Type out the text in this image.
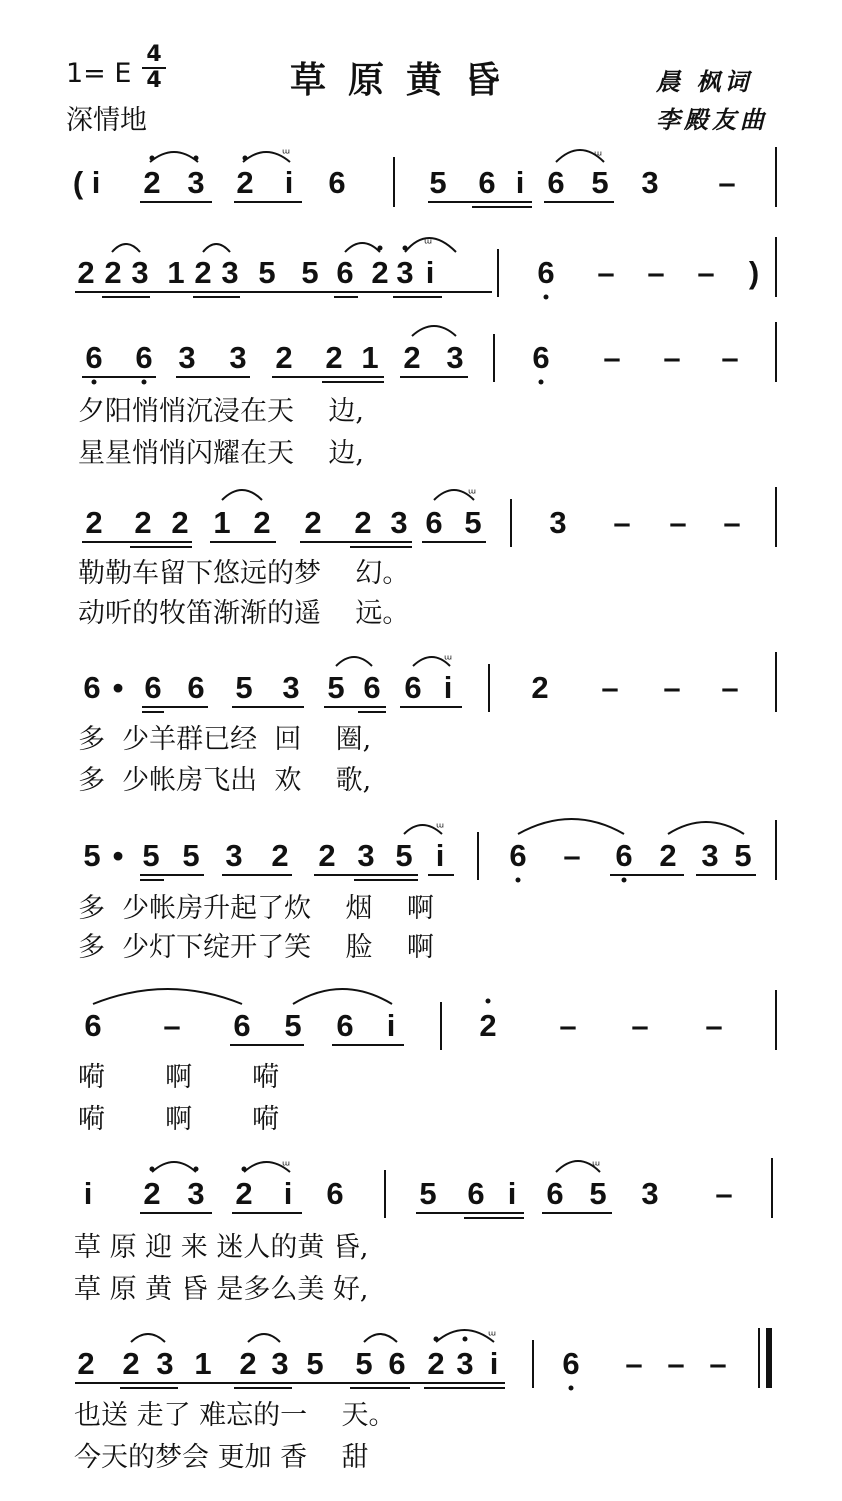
1= E
4
4	草原黄昏
深情地
晨 枫词
李殿友曲
( i 2 3 2 i 6	5 6 i 6 5 3 –
2 2 3 1 2 3 5 5 6 2 3 i	6 – – – )
6 6 3 3 2 2 1 2 3 6 – – –
夕阳悄悄沉浸在天    边,
星星悄悄闪耀在天    边,
2 2 2 1 2 2 2 3 6 5 3 – – –
勒勒车留下悠远的梦    幻。
动听的牧笛渐渐的遥    远。
6 • 6 6 5 3 5 6 6 i	2 – – –
多  少羊群已经  回    圈,
多  少帐房飞出  欢    歌,
5 • 5 5 3 2 2 3 5 i 6 – 6 2 3 5
多  少帐房升起了炊    烟    啊
多  少灯下绽开了笑    脸    啊
6 – 6 5 6 i	2 – – –
嗬       啊       嗬
嗬       啊       嗬
i 2 3 2 i 6 5 6 i 6 5 3 –
草 原 迎 来 迷人的黄 昏,
草 原 黄 昏 是多么美 好,
2 2 3 1 2 3 5 5 6 2 3 i 6 – – –
也送 走了 难忘的一    天。
今天的梦会 更加 香    甜
ᵚ	ᵚ
ᵚ
ᵚ
ᵚ
ᵚ
ᵚ	ᵚ
ᵚ
